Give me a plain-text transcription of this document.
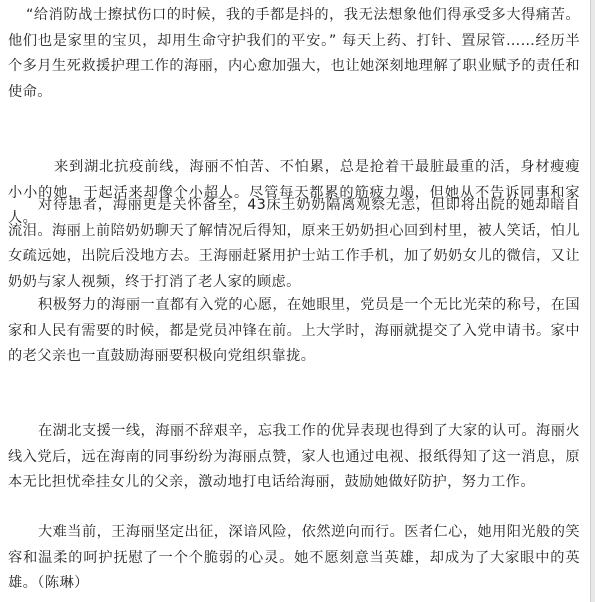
“给消防战士擦拭伤口的时候，我的手都是抖的，我无法想象他们得承受多大得痛苦。他们也是家里的宝贝，却用生命守护我们的平安。” 每天上药、打针、置尿管……经历半个多月生死救援护理工作的海丽，内心愈加强大，也让她深刻地理解了职业赋予的责任和使命。

来到湖北抗疫前线，海丽不怕苦、不怕累，总是抢着干最脏最重的活，身材瘦瘦小小的她，干起活来却像个小超人。尽管每天都累的筋疲力竭，但她从不告诉同事和家人。

对待患者，海丽更是关怀备至，43床王奶奶隔离观察无恙，但即将出院的她却暗自流泪。海丽上前陪奶奶聊天了解情况后得知，原来王奶奶担心回到村里，被人笑话，怕儿女疏远她，出院后没地方去。王海丽赶紧用护士站工作手机，加了奶奶女儿的微信，又让奶奶与家人视频，终于打消了老人家的顾虑。

积极努力的海丽一直都有入党的心愿，在她眼里，党员是一个无比光荣的称号，在国家和人民有需要的时候，都是党员冲锋在前。上大学时，海丽就提交了入党申请书。家中的老父亲也一直鼓励海丽要积极向党组织靠拢。

在湖北支援一线，海丽不辞艰辛，忘我工作的优异表现也得到了大家的认可。海丽火线入党后，远在海南的同事纷纷为海丽点赞，家人也通过电视、报纸得知了这一消息，原本无比担忧牵挂女儿的父亲，激动地打电话给海丽，鼓励她做好防护，努力工作。

大难当前，王海丽坚定出征，深谙风险，依然逆向而行。医者仁心，她用阳光般的笑容和温柔的呵护抚慰了一个个脆弱的心灵。她不愿刻意当英雄，却成为了大家眼中的英雄。（陈琳）
